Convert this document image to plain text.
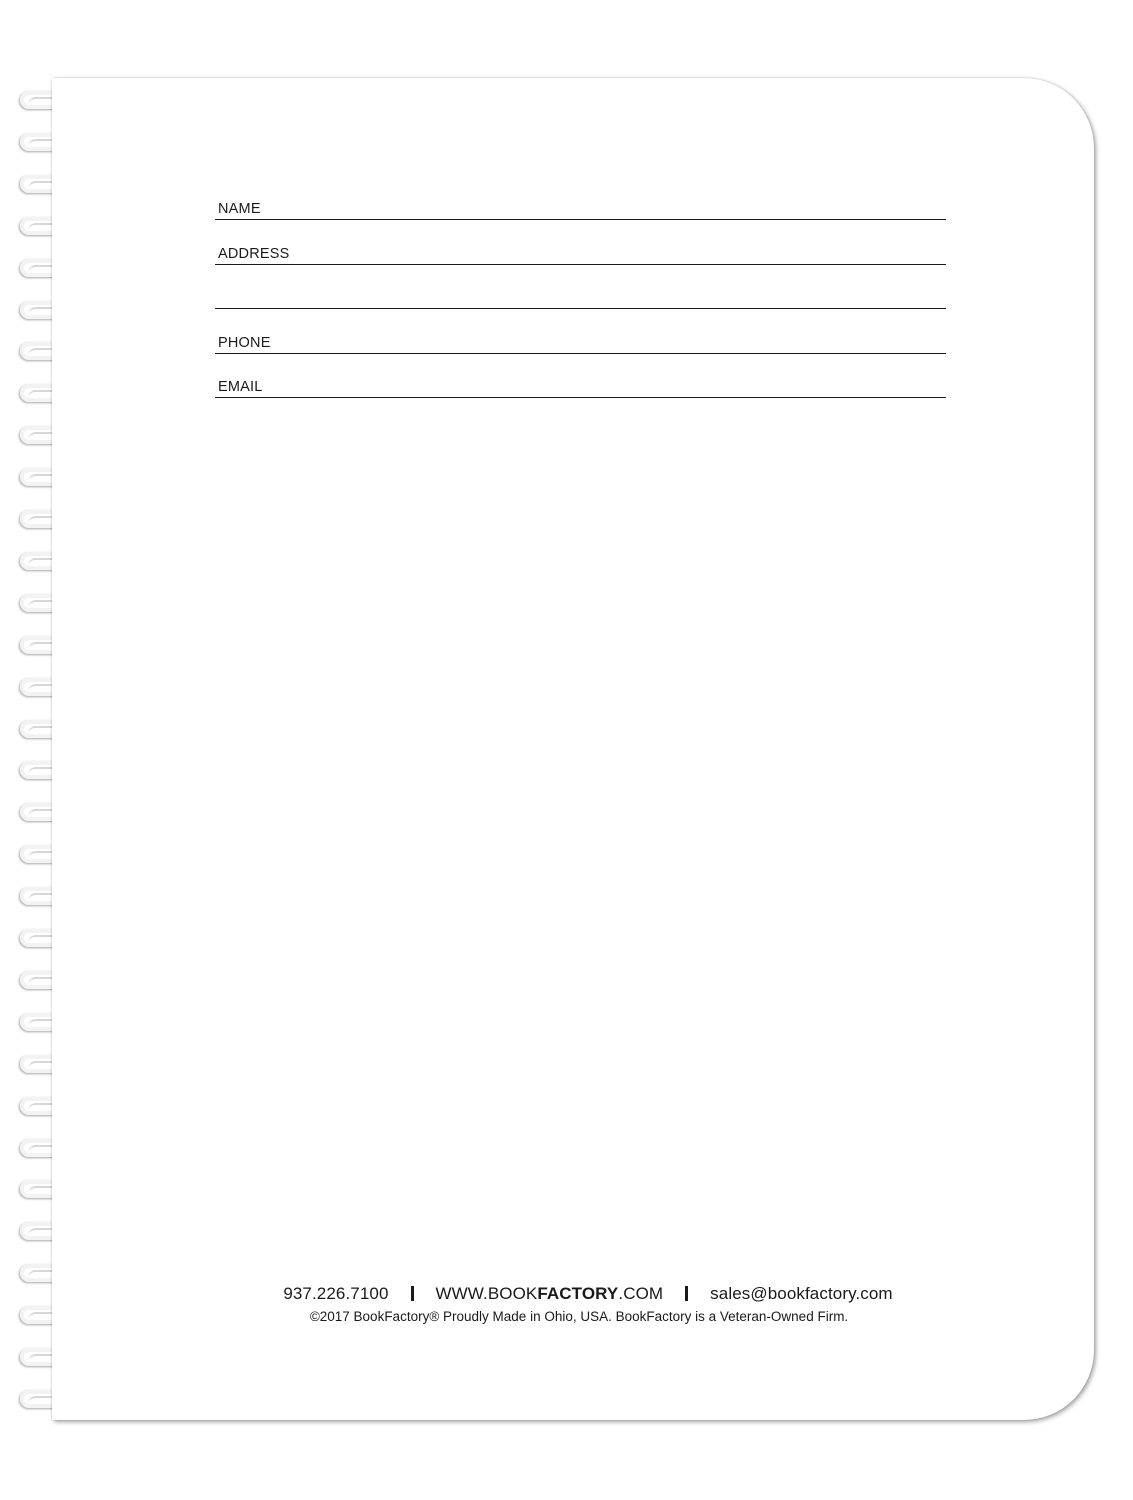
NAME
ADDRESS
PHONE
EMAIL
937.226.7100	WWW.BOOKFACTORY.COM	sales@bookfactory.com
©2017 BookFactory® Proudly Made in Ohio, USA. BookFactory is a Veteran-Owned Firm.
